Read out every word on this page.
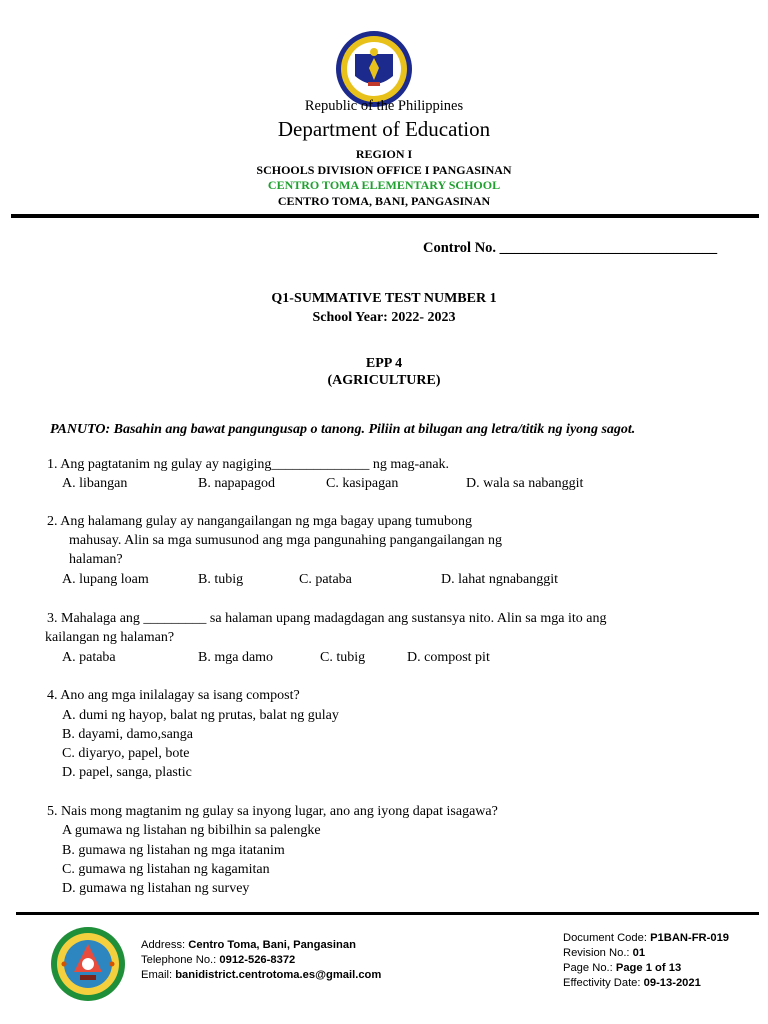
Republic of the Philippines
Department of Education
REGION I
SCHOOLS DIVISION OFFICE I PANGASINAN
CENTRO TOMA ELEMENTARY SCHOOL
CENTRO TOMA, BANI, PANGASINAN
Control No. ______________________________
Q1-SUMMATIVE TEST NUMBER 1
School Year: 2022- 2023
EPP 4
(AGRICULTURE)
PANUTO: Basahin ang bawat pangungusap o tanong. Piliin at bilugan ang letra/titik ng iyong sagot.
1. Ang pagtatanim ng gulay ay nagiging______________ ng mag-anak.
A. libangan	B. napapagod	C. kasipagan	D. wala sa nabanggit
2. Ang halamang gulay ay nangangailangan ng mga bagay upang tumubong
mahusay. Alin sa mga sumusunod ang mga pangunahing pangangailangan ng
halaman?
A. lupang loam	B. tubig	C. pataba	D. lahat ngnabanggit
3. Mahalaga ang _________ sa halaman upang madagdagan ang sustansya nito. Alin sa mga ito ang
kailangan ng halaman?
A. pataba	B. mga damo	C. tubig	D. compost pit
4. Ano ang mga inilalagay sa isang compost?
A. dumi ng hayop, balat ng prutas, balat ng gulay
B. dayami, damo,sanga
C. diyaryo, papel, bote
D. papel, sanga, plastic
5. Nais mong magtanim ng gulay sa inyong lugar, ano ang iyong dapat isagawa?
A gumawa ng listahan ng bibilhin sa palengke
B. gumawa ng listahan ng mga itatanim
C. gumawa ng listahan ng kagamitan
D. gumawa ng listahan ng survey
Address: Centro Toma, Bani, Pangasinan
Telephone No.: 0912-526-8372
Email: banidistrict.centrotoma.es@gmail.com
Document Code: P1BAN-FR-019
Revision No.: 01
Page No.: Page 1 of 13
Effectivity Date: 09-13-2021
